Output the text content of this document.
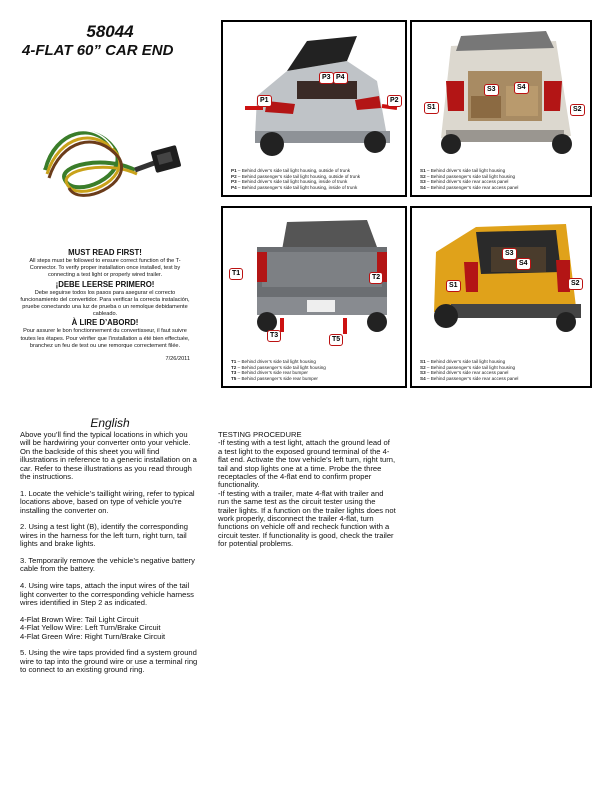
58044
4-FLAT 60” CAR END
MUST READ FIRST!
All steps must be followed to ensure correct function of the T-Connector. To verify proper installation once installed, test by connecting a test light or properly wired trailer.
¡DEBE LEERSE PRIMERO!
Debe seguirse todos los pasos para asegurar el correcto funcionamiento del convertidor. Para verificar la correcta instalación, pruebe conectando una luz de prueba o un remolque debidamente cableado.
À LIRE D’ABORD!
Pour assurer le bon fonctionnement du convertisseur, il faut suivre toutes les étapes. Pour vérifier que l’installation a été bien effectuée, branchez un feu de test ou une remorque correctement filée.
7/26/2011
P1	P2
P3 P4
P1 – Behind driver’s side tail light housing, outside of trunk
P2 – Behind passenger’s side tail light housing, outside of trunk
P3 – Behind driver’s side tail light housing, inside of trunk
P4 – Behind passenger’s side tail light housing, inside of trunk
S1	S2
S3	S4
S1 – Behind driver’s side tail light housing
S2 – Behind passenger’s side tail light housing
S3 – Behind driver’s side rear access panel
S4 – Behind passenger’s side rear access panel
T1
T2
T3
T5
T1 – Behind driver’s side tail light housing
T2 – Behind passenger’s side tail light housing
T3 – Behind driver’s side rear bumper
T5 – Behind passenger’s side rear bumper
S1	S2
S3
S4
S1 – Behind driver’s side tail light housing
S2 – Behind passenger’s side tail light housing
S3 – Behind driver’s side rear access panel
S4 – Behind passenger’s side rear access panel
English

Above you’ll find the typical locations in which you will be hardwiring your converter onto your vehicle. On the backside of this sheet you will find illustrations in reference to a generic installation on a car. Refer to these illustrations as you read through the instructions.

1. Locate the vehicle’s taillight wiring, refer to typical locations above, based on type of vehicle you’re installing the converter on.

2. Using a test light (B), identify the corresponding wires in the harness for the left turn, right turn, tail lights and brake lights.

3. Temporarily remove the vehicle’s negative battery cable from the battery.

4. Using wire taps, attach the input wires of the tail light converter to the corresponding vehicle harness wires identified in Step 2 as indicated.

4-Flat Brown Wire: Tail Light Circuit
4-Flat Yellow Wire: Left Turn/Brake Circuit
4-Flat Green Wire: Right Turn/Brake Circuit

5. Using the wire taps provided find a system ground wire to tap into the ground wire or use a terminal ring to connect to an existing ground ring.

TESTING PROCEDURE
-If testing with a test light, attach the ground lead of a test light to the exposed ground terminal of the 4-flat end. Activate the tow vehicle’s left turn, right turn, tail and stop lights one at a time. Probe the three receptacles of the 4-flat end to confirm proper functionality.
-If testing with a trailer, mate 4-flat with trailer and run the same test as the circuit tester using the trailer lights. If a function on the trailer lights does not work properly, disconnect the trailer 4-flat, turn functions on vehicle off and recheck function with a circuit tester. If functionality is good, check the trailer for potential problems.
